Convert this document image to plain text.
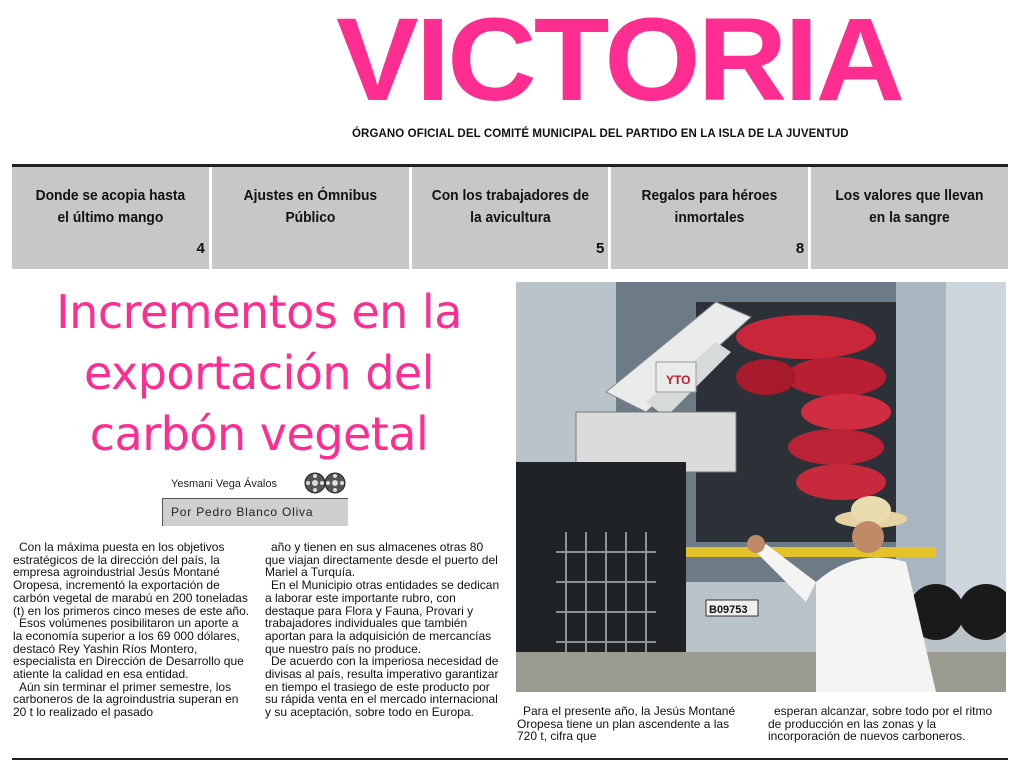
VICTORIA
ÓRGANO OFICIAL DEL COMITÉ MUNICIPAL DEL PARTIDO EN LA ISLA DE LA JUVENTUD
Donde se acopia hasta el último mango
4
Ajustes en Ómnibus Público
Con los trabajadores de la avicultura
5
Regalos para héroes inmortales
8
Los valores que llevan en la sangre
Incrementos en la exportación del carbón vegetal
Yesmani Vega Ávalos
Por Pedro Blanco Oliva

Con la máxima puesta en los objetivos estratégicos de la dirección del país, la empresa agroindustrial Jesús Montané Oropesa, incrementó la exportación de carbón vegetal de marabú en 200 toneladas (t) en los primeros cinco meses de este año.

Esos volúmenes posibilitaron un aporte a la economía superior a los 69 000 dólares, destacó Rey Yashin Ríos Montero, especialista en Dirección de Desarrollo que atiente la calidad en esa entidad.

Aún sin terminar el primer semestre, los carboneros de la agroindustria superan en 20 t lo realizado el pasado

año y tienen en sus almacenes otras 80 que viajan directamente desde el puerto del Mariel a Turquía.

En el Municipio otras entidades se dedican a laborar este importante rubro, con destaque para Flora y Fauna, Provari y trabajadores individuales que también aportan para la adquisición de mercancías que nuestro país no produce.

De acuerdo con la imperiosa necesidad de divisas al país, resulta imperativo garantizar en tiempo el trasiego de este producto por su rápida venta en el mercado internacional y su aceptación, sobre todo en Europa.	Para el presente año, la Jesús Montané Oropesa tiene un plan ascendente a las 720 t, cifra que

esperan alcanzar, sobre todo por el ritmo de producción en las zonas y la incorporación de nuevos carboneros.

YTO
B09753
